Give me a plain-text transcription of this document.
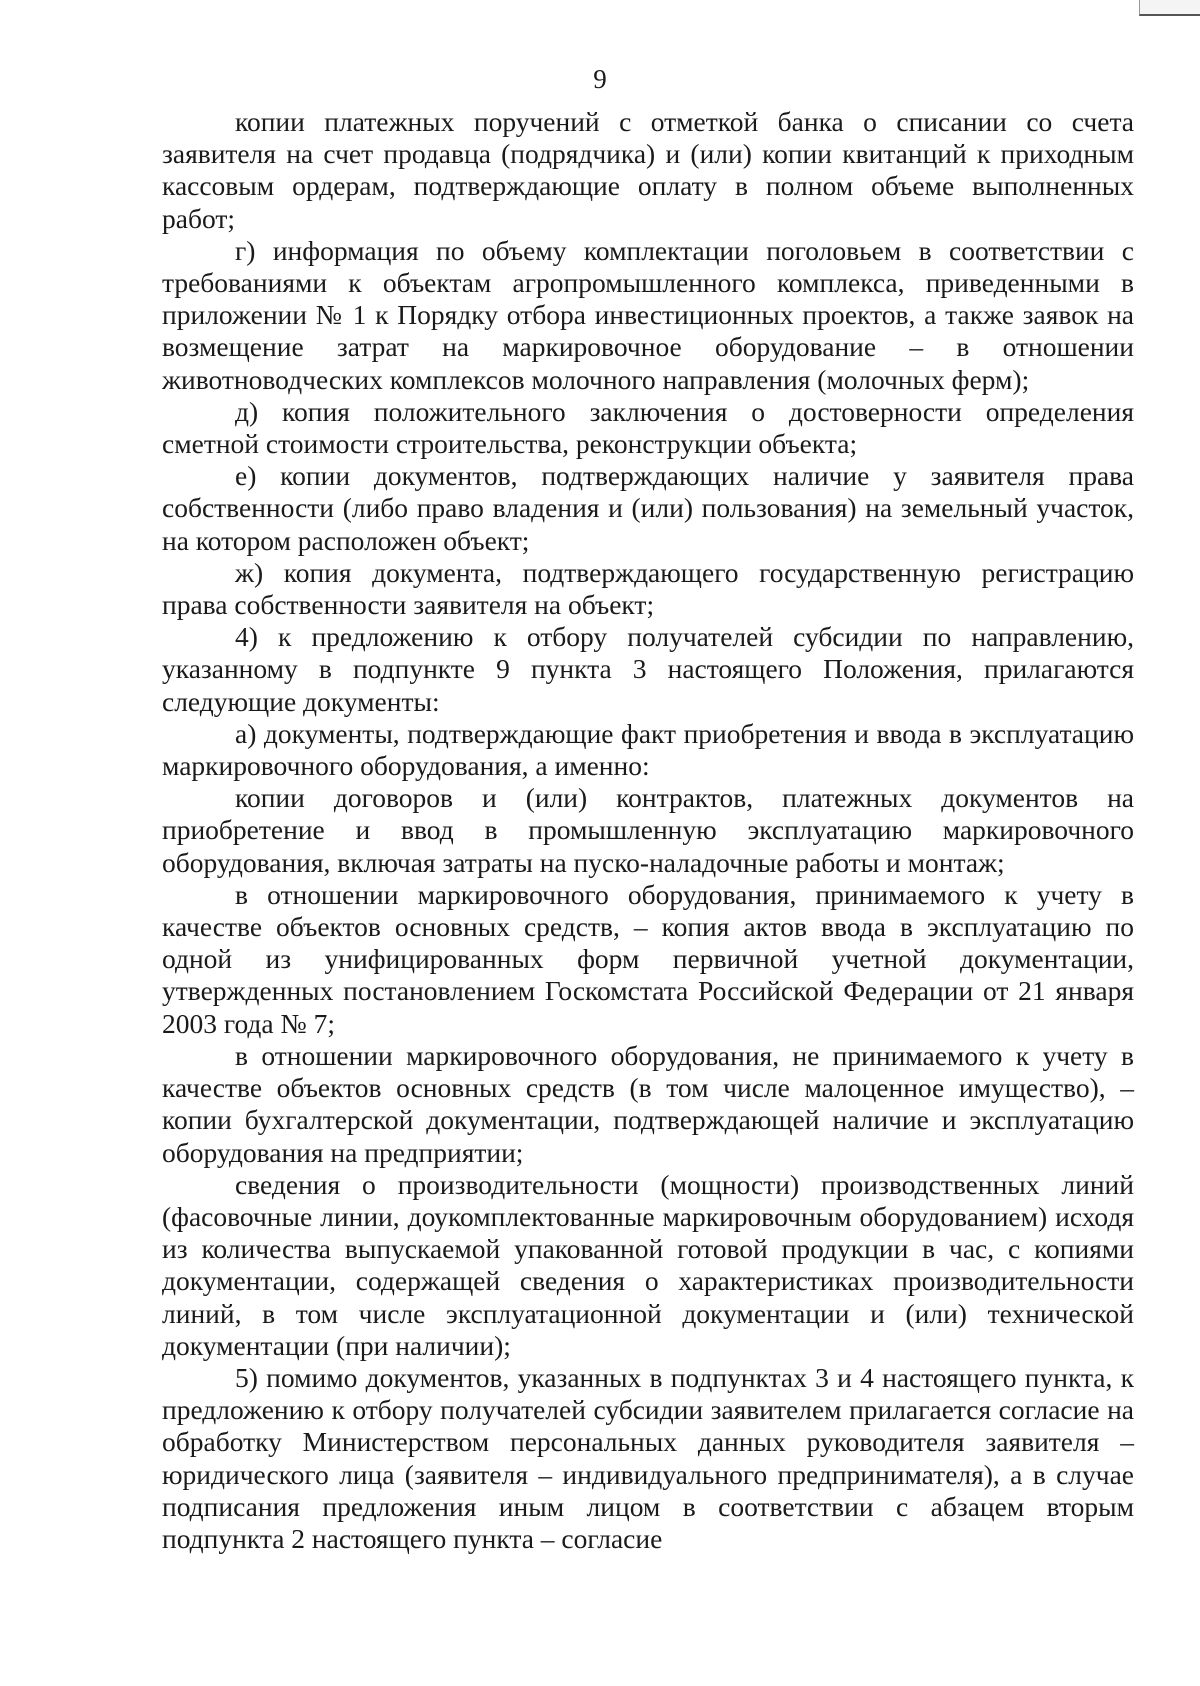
9

копии платежных поручений с отметкой банка о списании со счета заявителя на счет продавца (подрядчика) и (или) копии квитанций к приходным кассовым ордерам, подтверждающие оплату в полном объеме выполненных работ;

г) информация по объему комплектации поголовьем в соответствии с требованиями к объектам агропромышленного комплекса, приведенными в приложении № 1 к Порядку отбора инвестиционных проектов, а также заявок на возмещение затрат на маркировочное оборудование – в отношении животноводческих комплексов молочного направления (молочных ферм);

д) копия положительного заключения о достоверности определения сметной стоимости строительства, реконструкции объекта;

е) копии документов, подтверждающих наличие у заявителя права собственности (либо право владения и (или) пользования) на земельный участок, на котором расположен объект;

ж) копия документа, подтверждающего государственную регистрацию права собственности заявителя на объект;

4) к предложению к отбору получателей субсидии по направлению, указанному в подпункте 9 пункта 3 настоящего Положения, прилагаются следующие документы:

а) документы, подтверждающие факт приобретения и ввода в эксплуатацию маркировочного оборудования, а именно:

копии договоров и (или) контрактов, платежных документов на приобретение и ввод в промышленную эксплуатацию маркировочного оборудования, включая затраты на пуско-наладочные работы и монтаж;

в отношении маркировочного оборудования, принимаемого к учету в качестве объектов основных средств, – копия актов ввода в эксплуатацию по одной из унифицированных форм первичной учетной документации, утвержденных постановлением Госкомстата Российской Федерации от 21 января 2003 года № 7;

в отношении маркировочного оборудования, не принимаемого к учету в качестве объектов основных средств (в том числе малоценное имущество), – копии бухгалтерской документации, подтверждающей наличие и эксплуатацию оборудования на предприятии;

сведения о производительности (мощности) производственных линий (фасовочные линии, доукомплектованные маркировочным оборудованием) исходя из количества выпускаемой упакованной готовой продукции в час, с копиями документации, содержащей сведения о характеристиках производительности линий, в том числе эксплуатационной документации и (или) технической документации (при наличии);

5) помимо документов, указанных в подпунктах 3 и 4 настоящего пункта, к предложению к отбору получателей субсидии заявителем прилагается согласие на обработку Министерством персональных данных руководителя заявителя – юридического лица (заявителя – индивидуального предпринимателя), а в случае подписания предложения иным лицом в соответствии с абзацем вторым подпункта 2 настоящего пункта – согласие
